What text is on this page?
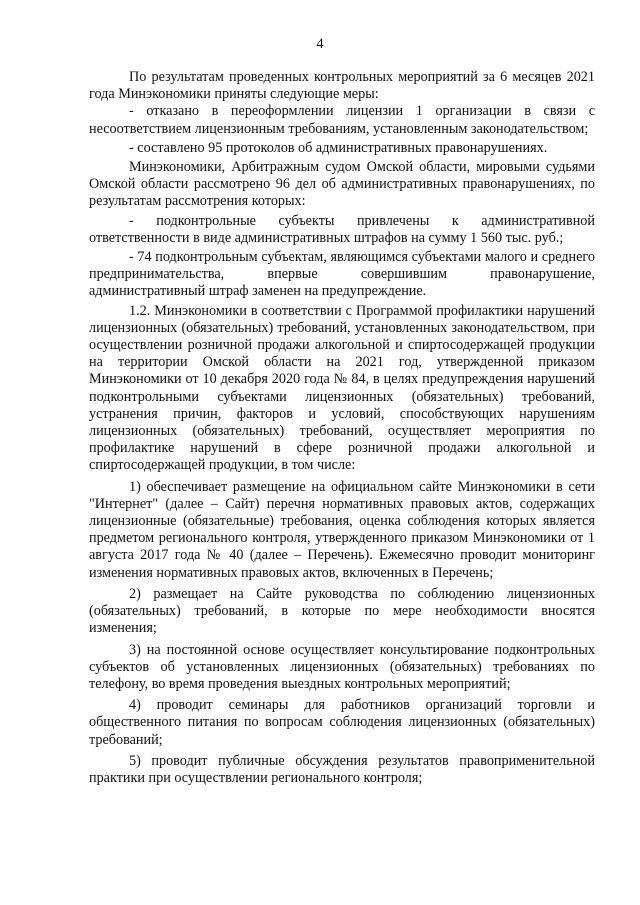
4

По результатам проведенных контрольных мероприятий за 6 месяцев 2021 года Минэкономики приняты следующие меры:

- отказано в переоформлении лицензии 1 организации в связи с несоответствием лицензионным требованиям, установленным законодательством;

- составлено 95 протоколов об административных правонарушениях.

Минэкономики, Арбитражным судом Омской области, мировыми судьями Омской области рассмотрено 96 дел об административных правонарушениях, по результатам рассмотрения которых:

- подконтрольные субъекты привлечены к административной ответственности в виде административных штрафов на сумму 1 560 тыс. руб.;

- 74 подконтрольным субъектам, являющимся субъектами малого и среднего предпринимательства, впервые совершившим правонарушение, административный штраф заменен на предупреждение.

1.2. Минэкономики в соответствии с Программой профилактики нарушений лицензионных (обязательных) требований, установленных законодательством, при осуществлении розничной продажи алкогольной и спиртосодержащей продукции на территории Омской области на 2021 год, утвержденной приказом Минэкономики от 10 декабря 2020 года № 84, в целях предупреждения нарушений подконтрольными субъектами лицензионных (обязательных) требований, устранения причин, факторов и условий, способствующих нарушениям лицензионных (обязательных) требований, осуществляет мероприятия по профилактике нарушений в сфере розничной продажи алкогольной и спиртосодержащей продукции, в том числе:

1) обеспечивает размещение на официальном сайте Минэкономики в сети "Интернет" (далее – Сайт) перечня нормативных правовых актов, содержащих лицензионные (обязательные) требования, оценка соблюдения которых является предметом регионального контроля, утвержденного приказом Минэкономики от 1 августа 2017 года № 40 (далее – Перечень). Ежемесячно проводит мониторинг изменения нормативных правовых актов, включенных в Перечень;

2) размещает на Сайте руководства по соблюдению лицензионных (обязательных) требований, в которые по мере необходимости вносятся изменения;

3) на постоянной основе осуществляет консультирование подконтрольных субъектов об установленных лицензионных (обязательных) требованиях по телефону, во время проведения выездных контрольных мероприятий;

4) проводит семинары для работников организаций торговли и общественного питания по вопросам соблюдения лицензионных (обязательных) требований;

5) проводит публичные обсуждения результатов правоприменительной практики при осуществлении регионального контроля;
